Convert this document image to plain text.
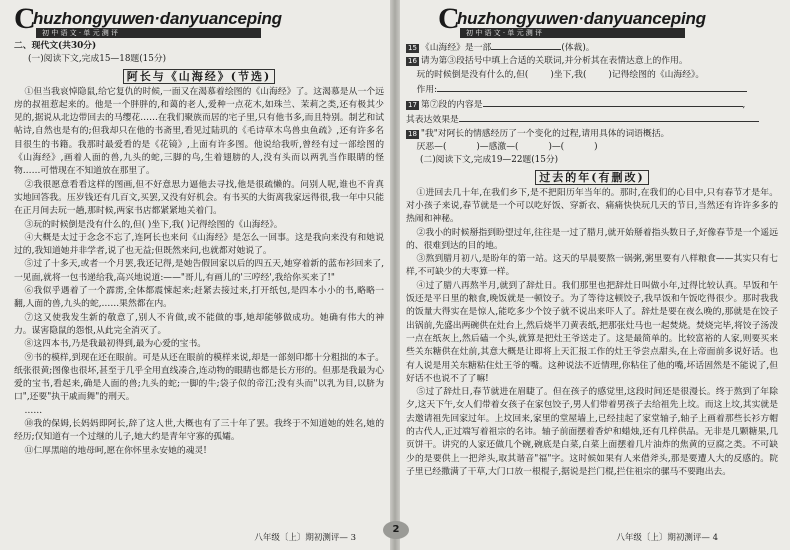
C
huzhongyuwen·danyuanceping
初 中 语 文 · 单 元 测 评

二、现代文(共30分)

(一)阅读下文,完成15—18题(15分)

阿长与《山海经》(节选)

①但当我哀悼隐鼠,给它复仇的时候,一面又在渴慕着绘图的《山海经》了。这渴慕是从一个远房的叔祖惹起来的。他是一个胖胖的,和蔼的老人,爱种一点花木,如珠兰、茉莉之类,还有极其少见的,据说从北边带回去的马缨花……在我们聚族而居的宅子里,只有他书多,而且特别。制艺和试帖诗,自然也是有的;但我却只在他的书斋里,看见过陆玑的《毛诗草木鸟兽虫鱼疏》,还有许多名目很生的书籍。我那时最爱看的是《花镜》,上面有许多图。他说给我听,曾经有过一部绘图的《山海经》,画着人面的兽,九头的蛇,三脚的鸟,生着翅膀的人,没有头而以两乳当作眼睛的怪物……可惜现在不知道放在那里了。

②我很愿意看看这样的图画,但不好意思力逼他去寻找,他是很疏懒的。问别人呢,谁也不肯真实地回答我。压岁钱还有几百文,买罢,又没有好机会。有书买的大街离我家远得很,我一年中只能在正月间去玩一趟,那时候,两家书店都紧紧地关着门。

③玩的时候倒是没有什么的,但( )坐下,我( )记得绘图的《山海经》。

④大概是太过于念念不忘了,连阿长也来问《山海经》是怎么一回事。这是我向来没有和她说过的,我知道她并非学者,说了也无益;但既然来问,也就都对她说了。

⑤过了十多天,或者一个月罢,我还记得,是她告假回家以后的四五天,她穿着新的蓝布衫回来了,一见面,就将一包书递给我,高兴地说道:——"哥儿,有画儿的'三哼经',我给你买来了!"

⑥我似乎遇着了一个霹雳,全体都震悚起来;赶紧去接过来,打开纸包,是四本小小的书,略略一翻,人面的兽,九头的蛇,……果然都在内。

⑦这又使我发生新的敬意了,别人不肯做,或不能做的事,她却能够做成功。她确有伟大的神力。谋害隐鼠的怨恨,从此完全消灭了。

⑧这四本书,乃是我最初得到,最为心爱的宝书。

⑨书的模样,到现在还在眼前。可是从还在眼前的模样来说,却是一部刻印都十分粗拙的本子。纸张很黄;图像也很坏,甚至于几乎全用直线凑合,连动物的眼睛也都是长方形的。但那是我最为心爱的宝书,看起来,确是人面的兽;九头的蛇;一脚的牛;袋子似的帝江;没有头而"以乳为目,以脐为口",还要"执干戚而舞"的刑天。

……

⑩我的保姆,长妈妈即阿长,辞了这人世,大概也有了三十年了罢。我终于不知道她的姓名,她的经历;仅知道有一个过继的儿子,她大约是青年守寡的孤孀。

⑪仁厚黑暗的地母呵,愿在你怀里永安她的魂灵!

八年级〔上〕期初测评— 3
2
C
huzhongyuwen·danyuanceping
初 中 语 文 · 单 元 测 评

15 《山海经》是一部	(体裁)。

16 请为第③段括号中填上合适的关联词,并分析其在表情达意上的作用。

玩的时候倒是没有什么的,但(	)坐下,我(	)记得绘图的《山海经》。

作用:

17 第⑦段的内容是	,

其表达效果是

18 "我"对阿长的情感经历了一个变化的过程,请用具体的词语概括。

厌恶—(	)—感激—(	)—(	)

(二)阅读下文,完成19—22题(15分)

过去的年(有删改)

①进回去几十年,在我们乡下,是不把阳历年当年的。那时,在我们的心目中,只有春节才是年。对小孩子来说,春节就是一个可以吃好饭、穿新衣、痛痛快快玩几天的节日,当然还有许许多多的热闹和神秘。

②我小的时候掰指到盼望过年,往往是一过了腊月,就开始掰着指头数日子,好像春节是一个遥远的、很难到达的目的地。

③熬到腊月初八,是盼年的第一站。这天的早晨要熬一锅粥,粥里要有八样粮食——其实只有七样,不可缺少的大枣算一样。

④过了腊八再熬半月,就到了辞灶日。我们那里也把辞灶日叫做小年,过得比较认真。早饭和午饭还是平日里的粮食,晚饭就是一顿饺子。为了等待这顿饺子,我早饭和午饭吃得很少。那时我我的饭量大得实在是惊人,能吃多少个饺子就不说出来吓人了。辞灶是要在夜么晚的,那就是在饺子出锅前,先盛出两碗供在灶台上,然后烧半刀黄表纸,把那张灶马也一起焚烧。焚烧完毕,将饺子汤泼一点在纸灰上,然后磕一个头,就算是把灶王爷送走了。这是最简单的。比较富裕的人家,则要买来些关东糖供在灶前,其意大概是让即将上天汇报工作的灶王爷尝点甜头,在上帝面前多说好话。也有人说是用关东糖粘住灶王爷的嘴。这种说法不近情理,你粘住了他的嘴,坏话固然是不能说了,但好话不也说不了了嘛!

⑤过了辞灶日,春节就进在眉睫了。但在孩子的感觉里,这段时间还是很漫长。终于熬到了年除夕,这天下午,女人们带着女孩子在家包饺子,男人们带着男孩子去给祖先上坟。而这上坟,其实就是去邀请祖先回家过年。上坟回来,家里的堂屋墙上,已经挂起了家堂轴子,轴子上画着那些长衫方帽的古代人,正过端写着祖宗的名讳。轴子前面摆着香炉和蜡烛,还有几样供品。无非是几颗糖果,几页饼干。讲究的人家还做几个碗,碗底是白菜,白菜上面摆着几片油炸的焦黄的豆腐之类。不可缺少的是要供上一把斧头,取其谐音"福"字。这时候如果有人来借斧头,那是要遭人大的反感的。院子里已经撒满了干草,大门口放一根棍子,据说是拦门棍,拦住祖宗的骡马不要跑出去。

八年级〔上〕期初测评— 4
